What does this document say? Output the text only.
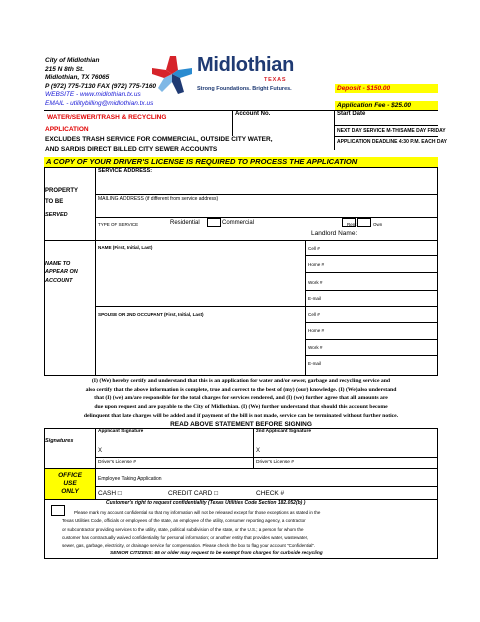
City of Midlothian
215 N 8th St.
Midlothian, TX 76065
P (972) 775-7130 FAX (972) 775-7160
WEBSITE - www.midlothian.tx.us
EMAIL - utilitybilling@midlothian.tx.us
Midlothian
TEXAS
Strong Foundations. Bright Futures.	Deposit - $150.00
Application Fee - $25.00
WATER/SEWER/TRASH & RECYCLING
APPLICATION
Account No.	Start Date
EXCLUDES TRASH SERVICE FOR COMMERCIAL, OUTSIDE CITY WATER,
AND SARDIS DIRECT BILLED CITY SEWER ACCOUNTS
NEXT DAY SERVICE M-TH/SAME DAY FRIDAY
APPLICATION DEADLINE 4:30 P.M. EACH DAY
A COPY OF YOUR DRIVER'S LICENSE IS REQUIRED TO PROCESS THE APPLICATION
PROPERTY
TO BE
SERVED
SERVICE ADDRESS:
MAILING ADDRESS (if different from service address)
TYPE OF SERVICE	Residential	Commercial	Rent	Own
Landlord Name:
NAME TO
APPEAR ON
ACCOUNT
NAME (First, Initial, Last)
SPOUSE OR 2ND OCCUPANT (First, Initial, Last)
Cell #
Home #
Work #
E-mail
Cell #
Home #
Work #
E-mail
(I) (We) hereby certify and understand that this is an application for water and/or sewer, garbage and recycling service and
also certify that the above information is complete, true and correct to the best of (my) (our) knowledge. (I) (We)also understand
that (I) (we) am/are responsible for the total charges for services rendered, and (I) (we) further agree that all amounts are
due upon request and are payable to the City of Midlothian. (I) (We) further understand that should this account become
delinquent that late charges will be added and if payment of the bill is not made, service can be terminated without further notice.
READ ABOVE STATEMENT BEFORE SIGNING
Signatures
Applicant Signature	2nd Applicant Signature
X	X
Driver's License #	Driver's License #
OFFICE
USE
ONLY
Employee Taking Application
CASH □	CREDIT CARD □	CHECK #
Customer's right to request confidentiality (Texas Utilities Code Section 182.052(b) )
Please mark my account confidential so that my information will not be released except for those exceptions as stated in the
Texas Utilities Code, officials or employees of the state, an employee of the utility, consumer reporting agency, a contractor
or subcontractor providing services to the utility, state, political subdivision of the state, or the U.S.; a person for whom the
customer has contractually waived confidentiality for personal information; or another entity that provides water, wastewater,
sewer, gas, garbage, electricity, or drainage service for compensation. Please check the box to flag your account "Confidential".
SENIOR CITIZENS: 65 or older may request to be exempt from charges for curbside recycling
